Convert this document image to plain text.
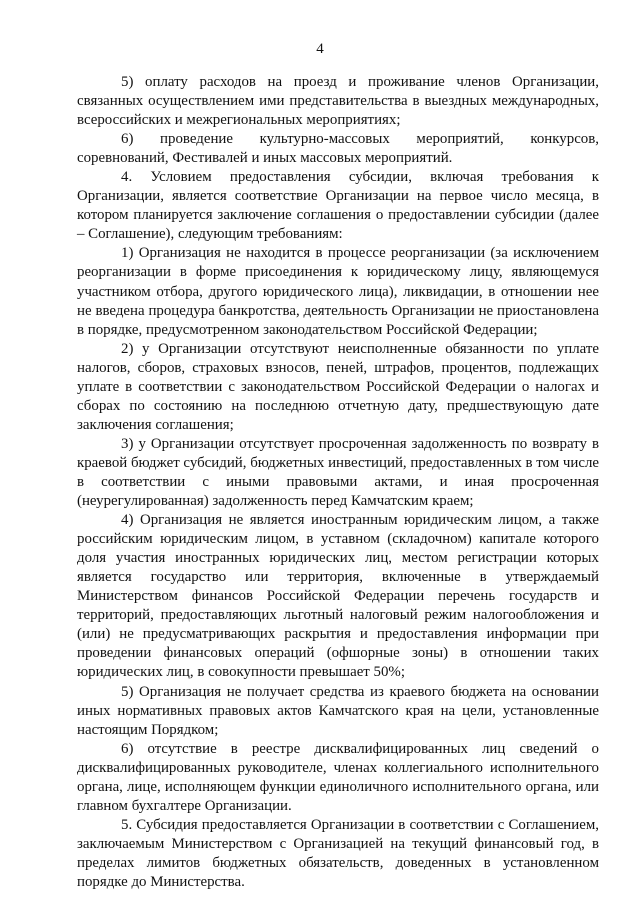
4

5) оплату расходов на проезд и проживание членов Организации, связанных осуществлением ими представительства в выездных международных, всероссийских и межрегиональных мероприятиях;

6) проведение культурно-массовых мероприятий, конкурсов, соревнований, Фестивалей и иных массовых мероприятий.

4. Условием предоставления субсидии, включая требования к Организации, является соответствие Организации на первое число месяца, в котором планируется заключение соглашения о предоставлении субсидии (далее – Соглашение), следующим требованиям:

1) Организация не находится в процессе реорганизации (за исключением реорганизации в форме присоединения к юридическому лицу, являющемуся участником отбора, другого юридического лица), ликвидации, в отношении нее не введена процедура банкротства, деятельность Организации не приостановлена в порядке, предусмотренном законодательством Российской Федерации;

2) у Организации отсутствуют неисполненные обязанности по уплате налогов, сборов, страховых взносов, пеней, штрафов, процентов, подлежащих уплате в соответствии с законодательством Российской Федерации о налогах и сборах по состоянию на последнюю отчетную дату, предшествующую дате заключения соглашения;

3) у Организации отсутствует просроченная задолженность по возврату в краевой бюджет субсидий, бюджетных инвестиций, предоставленных в том числе в соответствии с иными правовыми актами, и иная просроченная (неурегулированная) задолженность перед Камчатским краем;

4) Организация не является иностранным юридическим лицом, а также российским юридическим лицом, в уставном (складочном) капитале которого доля участия иностранных юридических лиц, местом регистрации которых является государство или территория, включенные в утверждаемый Министерством финансов Российской Федерации перечень государств и территорий, предоставляющих льготный налоговый режим налогообложения и (или) не предусматривающих раскрытия и предоставления информации при проведении финансовых операций (офшорные зоны) в отношении таких юридических лиц, в совокупности превышает 50%;

5) Организация не получает средства из краевого бюджета на основании иных нормативных правовых актов Камчатского края на цели, установленные настоящим Порядком;

6) отсутствие в реестре дисквалифицированных лиц сведений о дисквалифицированных руководителе, членах коллегиального исполнительного органа, лице, исполняющем функции единоличного исполнительного органа, или главном бухгалтере Организации.

5. Субсидия предоставляется Организации в соответствии с Соглашением, заключаемым Министерством с Организацией на текущий финансовый год, в пределах лимитов бюджетных обязательств, доведенных в установленном порядке до Министерства.
